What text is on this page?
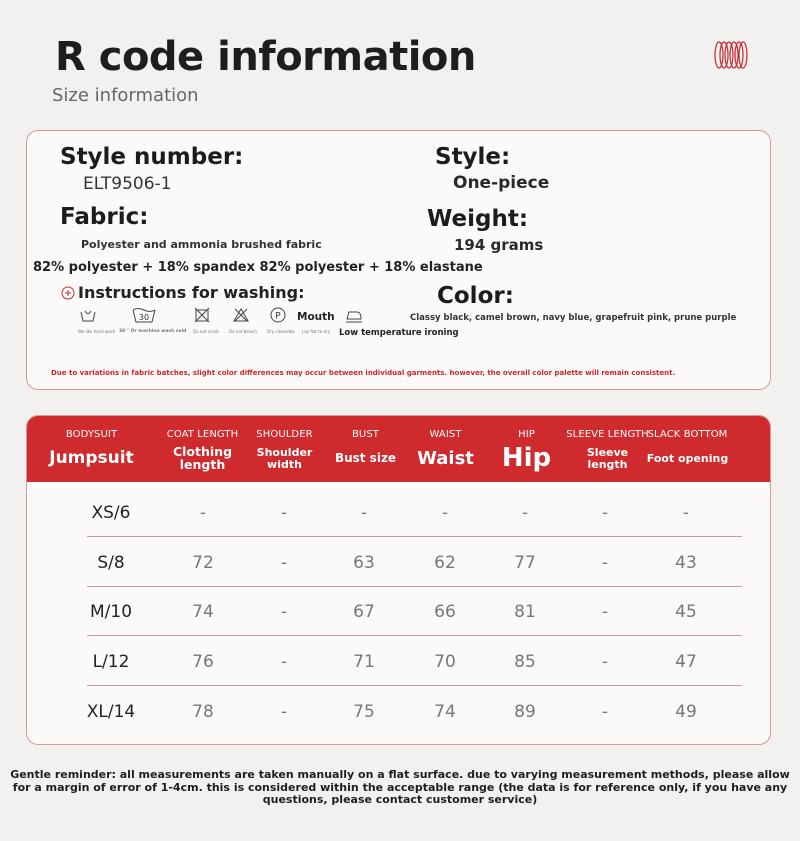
R code information
Size information
Style number:
ELT9506-1
Style:
One-piece
Fabric:
Polyester and ammonia brushed fabric
82% polyester + 18% spandex 82% polyester + 18% elastane
Weight:
194 grams
Instructions for washing:	Color:
Classy black, camel brown, navy blue, grapefruit pink, prune purple
We like hand wash
30
30 ° Or machine wash cold Do not scrub	Do not bleach
P Mouth
Dry cleanable Lay flat to dry Low temperature ironing
Due to variations in fabric batches, slight color differences may occur between individual garments. however, the overall color palette will remain consistent.
BODYSUIT
Jumpsuit
COAT LENGTH
Clothing
length
SHOULDER
Shoulder
width
BUST
Bust size
WAIST
Waist
HIP
Hip
SLEEVE LENGTH
Sleeve
length
SLACK BOTTOM
Foot opening
XS/6	-	-	-	-	-	-	-
S/8	72	-	63	62	77	-	43
M/10	74	-	67	66	81	-	45
L/12	76	-	71	70	85	-	47
XL/14	78	-	75	74	89	-	49
Gentle reminder: all measurements are taken manually on a flat surface. due to varying measurement methods, please allow for a margin of error of 1-4cm. this is considered within the acceptable range (the data is for reference only, if you have any questions, please contact customer service)
